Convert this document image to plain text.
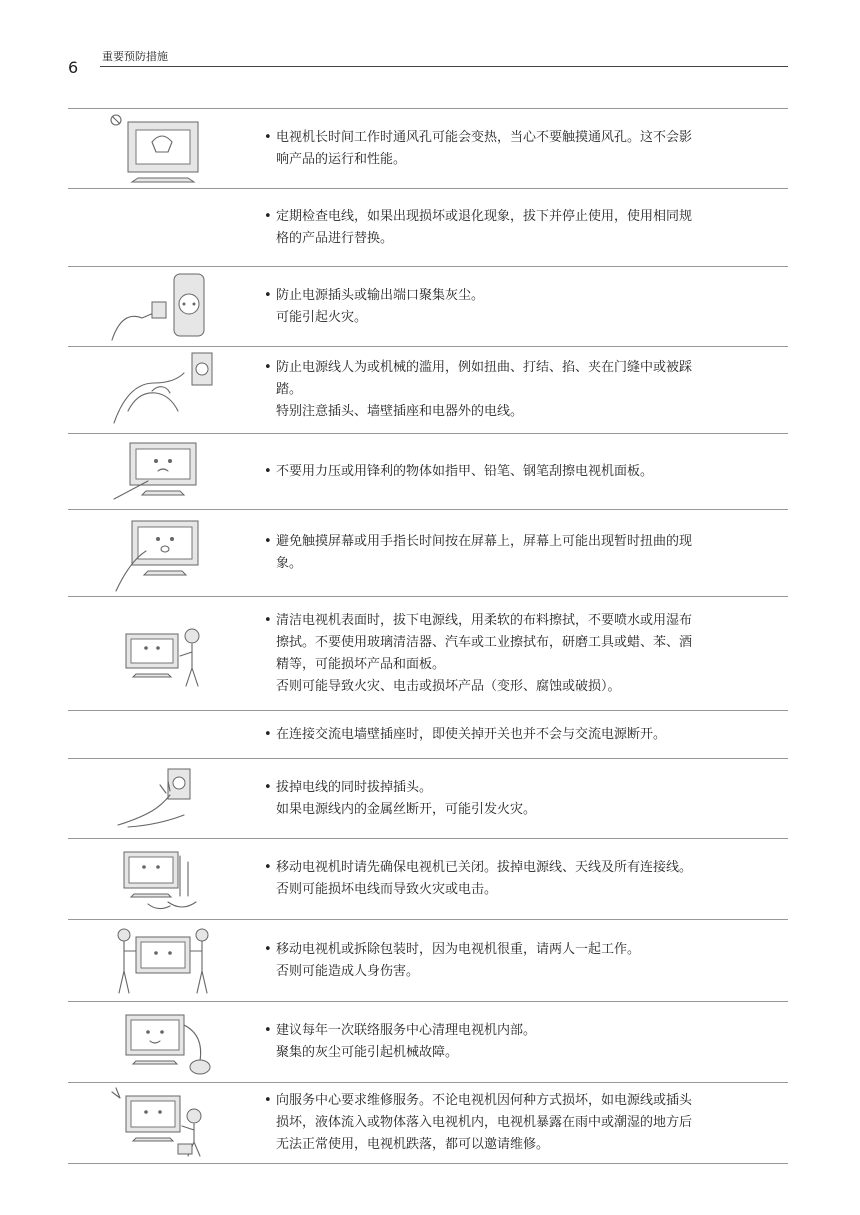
6
重要预防措施
• 电视机长时间工作时通风孔可能会变热，当心不要触摸通风孔。这不会影

响产品的运行和性能。

• 定期检查电线，如果出现损坏或退化现象，拔下并停止使用，使用相同规

格的产品进行替换。

• 防止电源插头或输出端口聚集灰尘。

可能引起火灾。

• 防止电源线人为或机械的滥用，例如扭曲、打结、掐、夹在门缝中或被踩

踏。

特别注意插头、墙壁插座和电器外的电线。

• 不要用力压或用锋利的物体如指甲、铅笔、钢笔刮擦电视机面板。

• 避免触摸屏幕或用手指长时间按在屏幕上，屏幕上可能出现暂时扭曲的现

象。

• 清洁电视机表面时，拔下电源线，用柔软的布料擦拭，不要喷水或用湿布

擦拭。不要使用玻璃清洁器、汽车或工业擦拭布，研磨工具或蜡、苯、酒

精等，可能损坏产品和面板。

否则可能导致火灾、电击或损坏产品（变形、腐蚀或破损）。

• 在连接交流电墙壁插座时，即使关掉开关也并不会与交流电源断开。

• 拔掉电线的同时拔掉插头。

如果电源线内的金属丝断开，可能引发火灾。

• 移动电视机时请先确保电视机已关闭。拔掉电源线、天线及所有连接线。

否则可能损坏电线而导致火灾或电击。

• 移动电视机或拆除包装时，因为电视机很重，请两人一起工作。

否则可能造成人身伤害。

• 建议每年一次联络服务中心清理电视机内部。

聚集的灰尘可能引起机械故障。

• 向服务中心要求维修服务。不论电视机因何种方式损坏，如电源线或插头

损坏，液体流入或物体落入电视机内，电视机暴露在雨中或潮湿的地方后

无法正常使用，电视机跌落，都可以邀请维修。
